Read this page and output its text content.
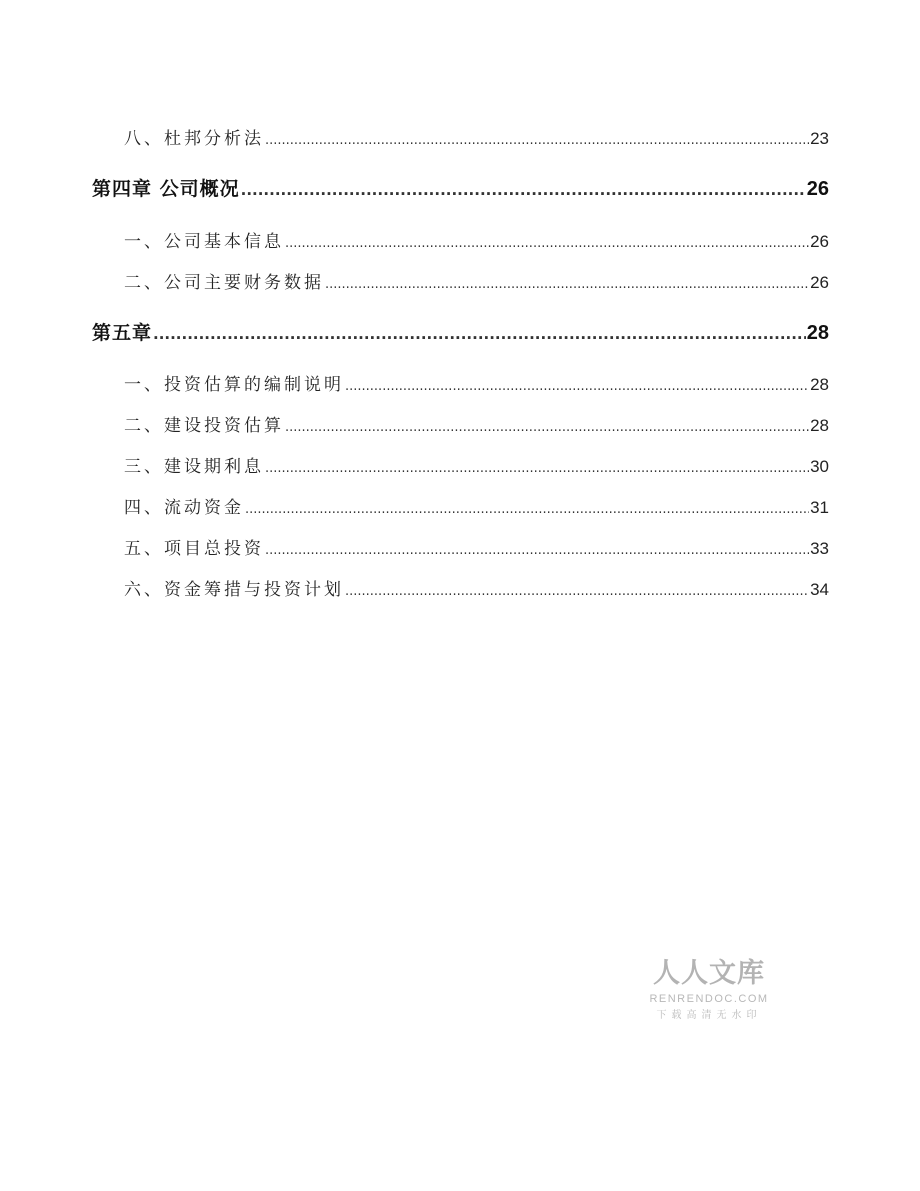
八、 杜邦分析法 .....	23
第四章 公司概况 .....	26
一、 公司基本信息 .....	26
二、 公司主要财务数据 .....	26
第五章 .....	28
一、 投资估算的编制说明 .....	28
二、 建设投资估算 .....	28
三、 建设期利息 .....	30
四、 流动资金 .....	31
五、 项目总投资 .....	33
六、 资金筹措与投资计划 .....	34
人人文库
RENRENDOC.COM
下载高清无水印
